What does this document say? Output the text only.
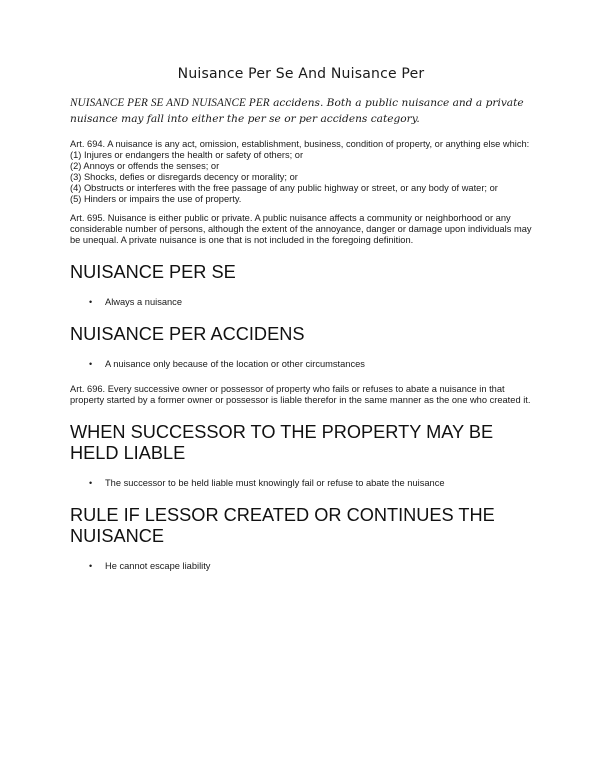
Nuisance Per Se And Nuisance Per

NUISANCE PER SE AND NUISANCE PER accidens. Both a public nuisance and a private nuisance may fall into either the per se or per accidens category.

Art. 694. A nuisance is any act, omission, establishment, business, condition of property, or anything else which:
(1) Injures or endangers the health or safety of others; or
(2) Annoys or offends the senses; or
(3) Shocks, defies or disregards decency or morality; or
(4) Obstructs or interferes with the free passage of any public highway or street, or any body of water; or
(5) Hinders or impairs the use of property.

Art. 695. Nuisance is either public or private. A public nuisance affects a community or neighborhood or any considerable number of persons, although the extent of the annoyance, danger or damage upon individuals may be unequal. A private nuisance is one that is not included in the foregoing definition.

NUISANCE PER SE
• Always a nuisance
NUISANCE PER ACCIDENS
• A nuisance only because of the location or other circumstances

Art. 696. Every successive owner or possessor of property who fails or refuses to abate a nuisance in that property started by a former owner or possessor is liable therefor in the same manner as the one who created it.

WHEN SUCCESSOR TO THE PROPERTY MAY BE HELD LIABLE
• The successor to be held liable must knowingly fail or refuse to abate the nuisance
RULE IF LESSOR CREATED OR CONTINUES THE NUISANCE
• He cannot escape liability
